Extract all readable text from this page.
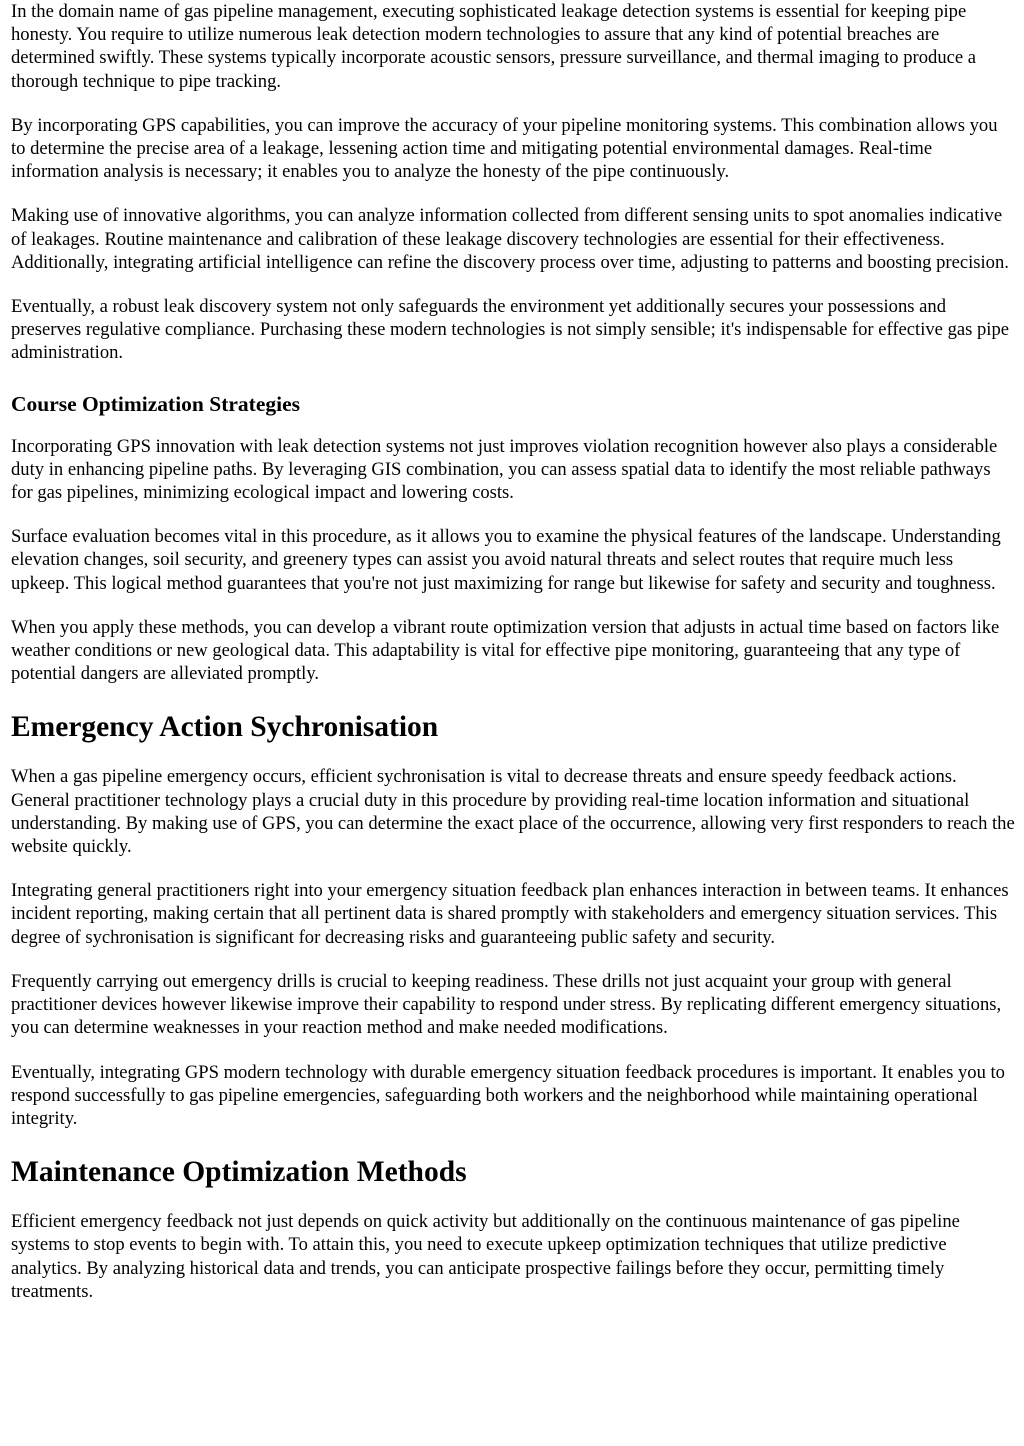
In the domain name of gas pipeline management, executing sophisticated leakage detection systems is essential for keeping pipe honesty. You require to utilize numerous leak detection modern technologies to assure that any kind of potential breaches are determined swiftly. These systems typically incorporate acoustic sensors, pressure surveillance, and thermal imaging to produce a thorough technique to pipe tracking.

By incorporating GPS capabilities, you can improve the accuracy of your pipeline monitoring systems. This combination allows you to determine the precise area of a leakage, lessening action time and mitigating potential environmental damages. Real-time information analysis is necessary; it enables you to analyze the honesty of the pipe continuously.

Making use of innovative algorithms, you can analyze information collected from different sensing units to spot anomalies indicative of leakages. Routine maintenance and calibration of these leakage discovery technologies are essential for their effectiveness. Additionally, integrating artificial intelligence can refine the discovery process over time, adjusting to patterns and boosting precision.

Eventually, a robust leak discovery system not only safeguards the environment yet additionally secures your possessions and preserves regulative compliance. Purchasing these modern technologies is not simply sensible; it's indispensable for effective gas pipe administration.

Course Optimization Strategies

Incorporating GPS innovation with leak detection systems not just improves violation recognition however also plays a considerable duty in enhancing pipeline paths. By leveraging GIS combination, you can assess spatial data to identify the most reliable pathways for gas pipelines, minimizing ecological impact and lowering costs.

Surface evaluation becomes vital in this procedure, as it allows you to examine the physical features of the landscape. Understanding elevation changes, soil security, and greenery types can assist you avoid natural threats and select routes that require much less upkeep. This logical method guarantees that you're not just maximizing for range but likewise for safety and security and toughness.

When you apply these methods, you can develop a vibrant route optimization version that adjusts in actual time based on factors like weather conditions or new geological data. This adaptability is vital for effective pipe monitoring, guaranteeing that any type of potential dangers are alleviated promptly.

Emergency Action Sychronisation

When a gas pipeline emergency occurs, efficient sychronisation is vital to decrease threats and ensure speedy feedback actions. General practitioner technology plays a crucial duty in this procedure by providing real-time location information and situational understanding. By making use of GPS, you can determine the exact place of the occurrence, allowing very first responders to reach the website quickly.

Integrating general practitioners right into your emergency situation feedback plan enhances interaction in between teams. It enhances incident reporting, making certain that all pertinent data is shared promptly with stakeholders and emergency situation services. This degree of sychronisation is significant for decreasing risks and guaranteeing public safety and security.

Frequently carrying out emergency drills is crucial to keeping readiness. These drills not just acquaint your group with general practitioner devices however likewise improve their capability to respond under stress. By replicating different emergency situations, you can determine weaknesses in your reaction method and make needed modifications.

Eventually, integrating GPS modern technology with durable emergency situation feedback procedures is important. It enables you to respond successfully to gas pipeline emergencies, safeguarding both workers and the neighborhood while maintaining operational integrity.

Maintenance Optimization Methods

Efficient emergency feedback not just depends on quick activity but additionally on the continuous maintenance of gas pipeline systems to stop events to begin with. To attain this, you need to execute upkeep optimization techniques that utilize predictive analytics. By analyzing historical data and trends, you can anticipate prospective failings before they occur, permitting timely treatments.
